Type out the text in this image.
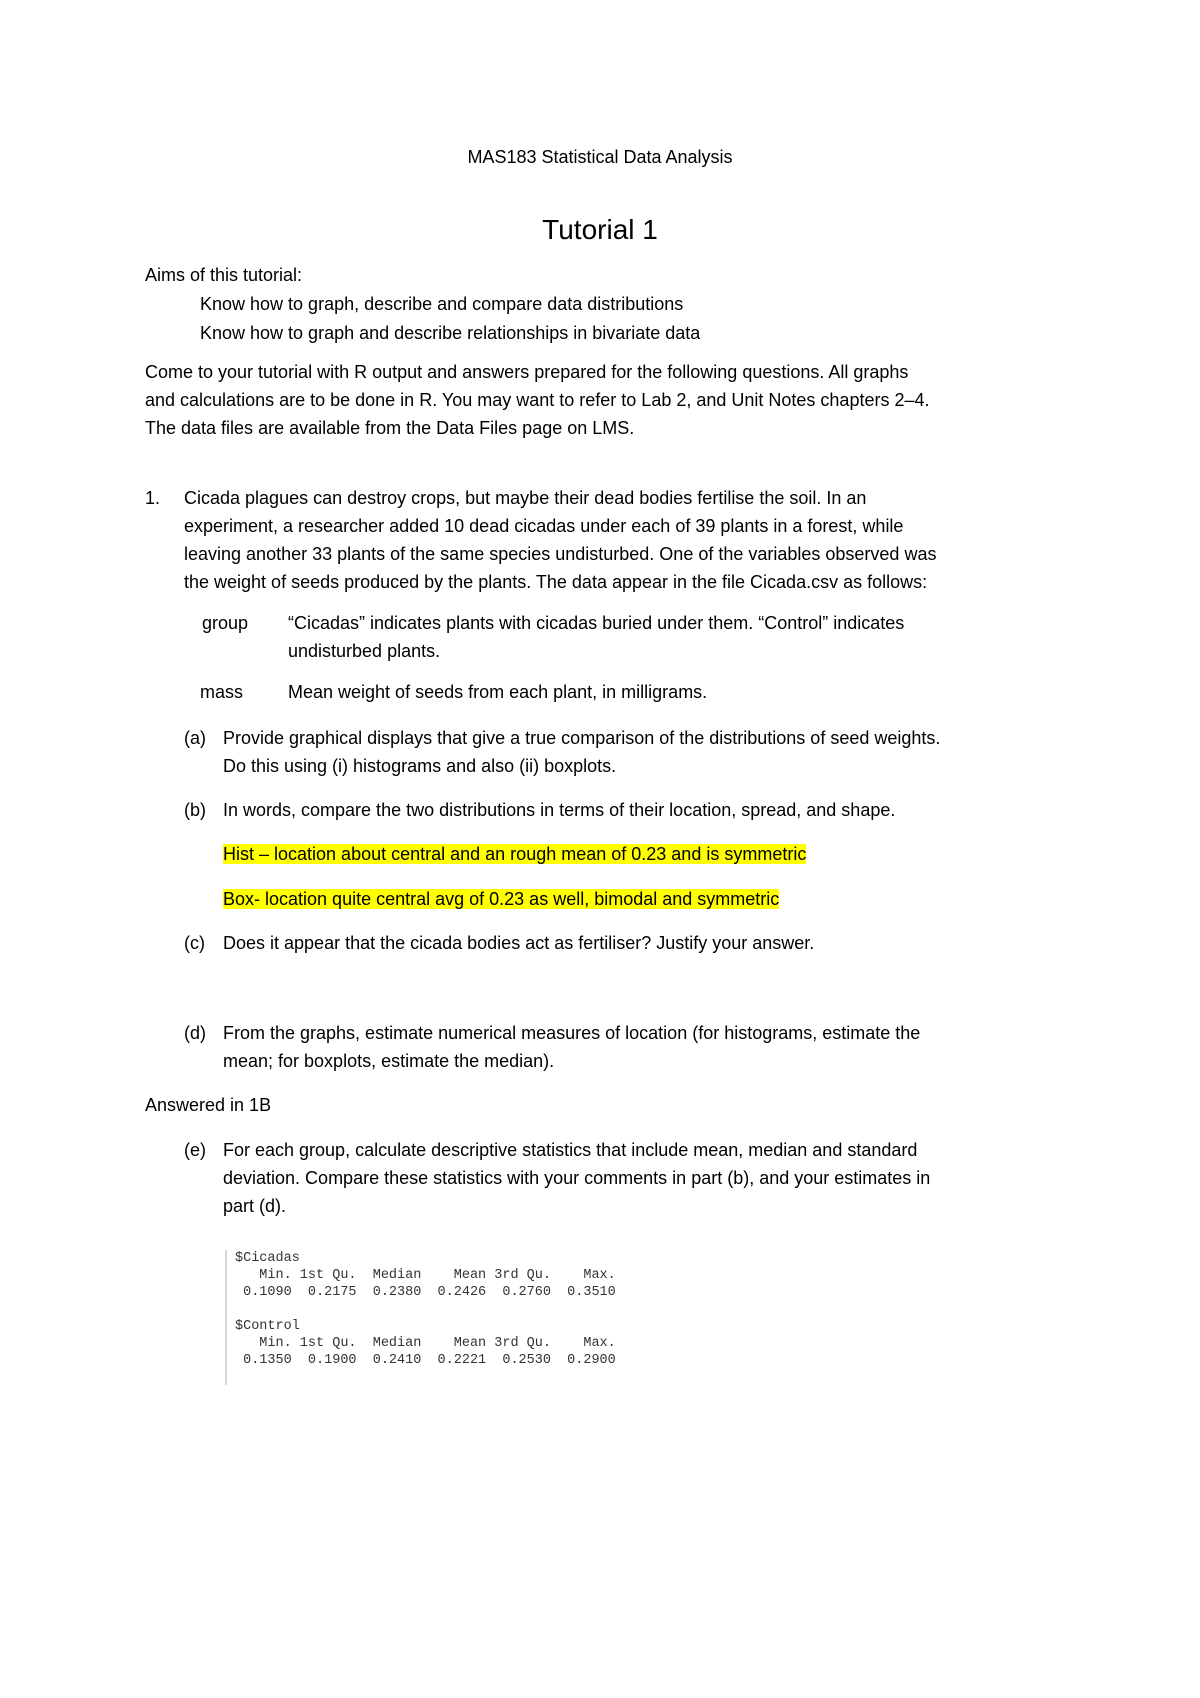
MAS183 Statistical Data Analysis
Tutorial 1
Aims of this tutorial:
Know how to graph, describe and compare data distributions
Know how to graph and describe relationships in bivariate data
Come to your tutorial with R output and answers prepared for the following questions. All graphs
and calculations are to be done in R. You may want to refer to Lab 2, and Unit Notes chapters 2–4.
The data files are available from the Data Files page on LMS.
1. Cicada plagues can destroy crops, but maybe their dead bodies fertilise the soil. In an
experiment, a researcher added 10 dead cicadas under each of 39 plants in a forest, while
leaving another 33 plants of the same species undisturbed. One of the variables observed was
the weight of seeds produced by the plants. The data appear in the file Cicada.csv as follows:
group “Cicadas” indicates plants with cicadas buried under them. “Control” indicates
undisturbed plants.
mass Mean weight of seeds from each plant, in milligrams.
(a) Provide graphical displays that give a true comparison of the distributions of seed weights.
Do this using (i) histograms and also (ii) boxplots.
(b) In words, compare the two distributions in terms of their location, spread, and shape.
Hist – location about central and an rough mean of 0.23 and is symmetric
Box- location quite central avg of 0.23 as well, bimodal and symmetric
(c) Does it appear that the cicada bodies act as fertiliser? Justify your answer.
(d) From the graphs, estimate numerical measures of location (for histograms, estimate the
mean; for boxplots, estimate the median).
Answered in 1B
(e) For each group, calculate descriptive statistics that include mean, median and standard
deviation. Compare these statistics with your comments in part (b), and your estimates in
part (d).
$Cicadas
Min. 1st Qu.  Median    Mean 3rd Qu.    Max.
0.1090  0.2175  0.2380  0.2426  0.2760  0.3510
$Control
Min. 1st Qu.  Median    Mean 3rd Qu.    Max.
0.1350  0.1900  0.2410  0.2221  0.2530  0.2900
